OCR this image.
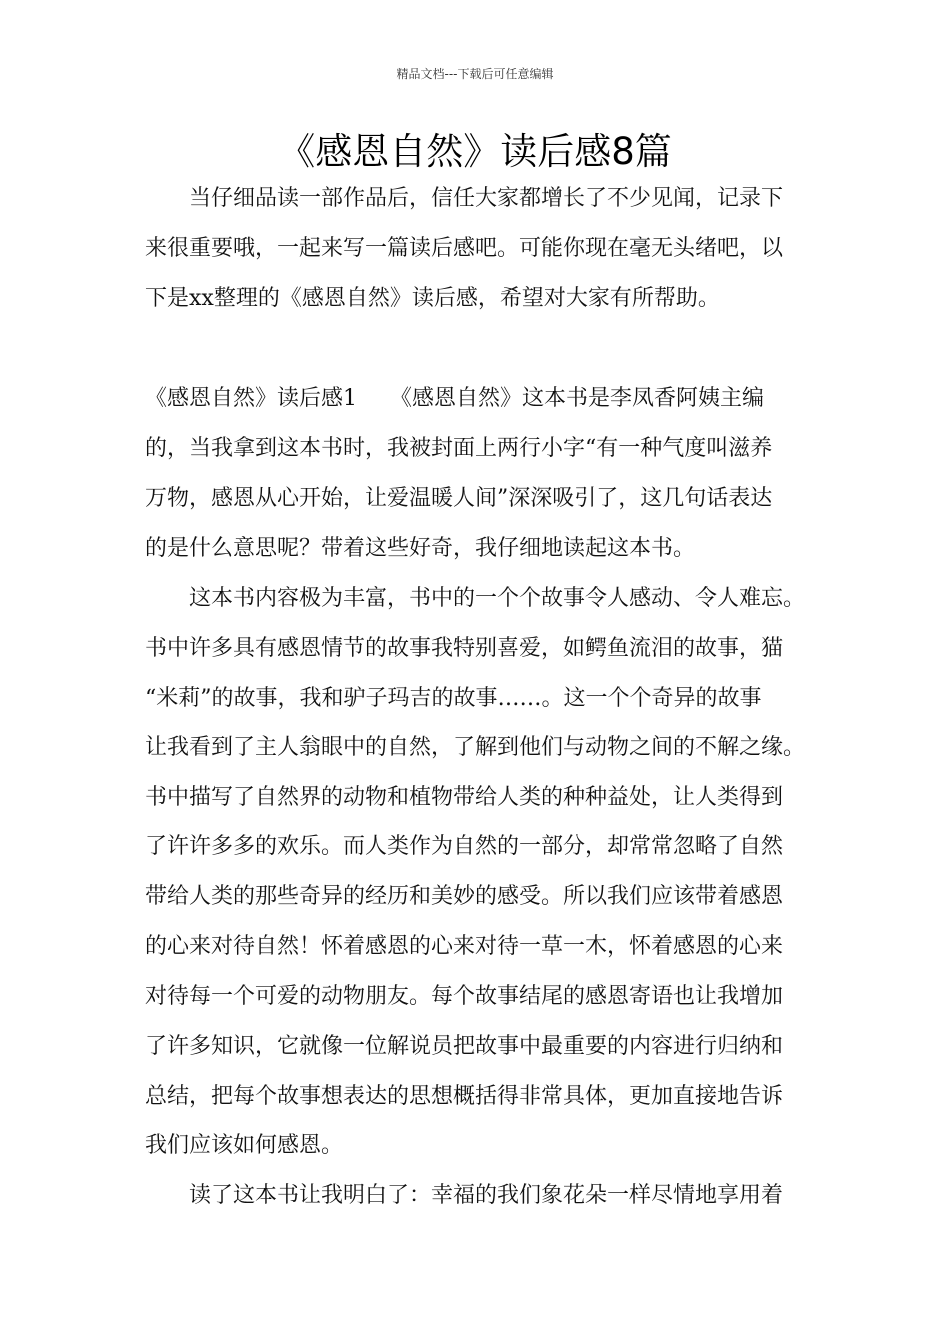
精品文档---下载后可任意编辑
《感恩自然》读后感8篇
当仔细品读一部作品后，信任大家都增长了不少见闻，记录下
来很重要哦，一起来写一篇读后感吧。可能你现在毫无头绪吧，以
下是xx整理的《感恩自然》读后感，希望对大家有所帮助。
《感恩自然》读后感1　　《感恩自然》这本书是李凤香阿姨主编
的，当我拿到这本书时，我被封面上两行小字“有一种气度叫滋养
万物，感恩从心开始，让爱温暖人间”深深吸引了，这几句话表达
的是什么意思呢？带着这些好奇，我仔细地读起这本书。
这本书内容极为丰富，书中的一个个故事令人感动、令人难忘。
书中许多具有感恩情节的故事我特别喜爱，如鳄鱼流泪的故事，猫
“米莉”的故事，我和驴子玛吉的故事……。这一个个奇异的故事
让我看到了主人翁眼中的自然，了解到他们与动物之间的不解之缘。
书中描写了自然界的动物和植物带给人类的种种益处，让人类得到
了许许多多的欢乐。而人类作为自然的一部分，却常常忽略了自然
带给人类的那些奇异的经历和美妙的感受。所以我们应该带着感恩
的心来对待自然！怀着感恩的心来对待一草一木，怀着感恩的心来
对待每一个可爱的动物朋友。每个故事结尾的感恩寄语也让我增加
了许多知识，它就像一位解说员把故事中最重要的内容进行归纳和
总结，把每个故事想表达的思想概括得非常具体，更加直接地告诉
我们应该如何感恩。
读了这本书让我明白了：幸福的我们象花朵一样尽情地享用着
